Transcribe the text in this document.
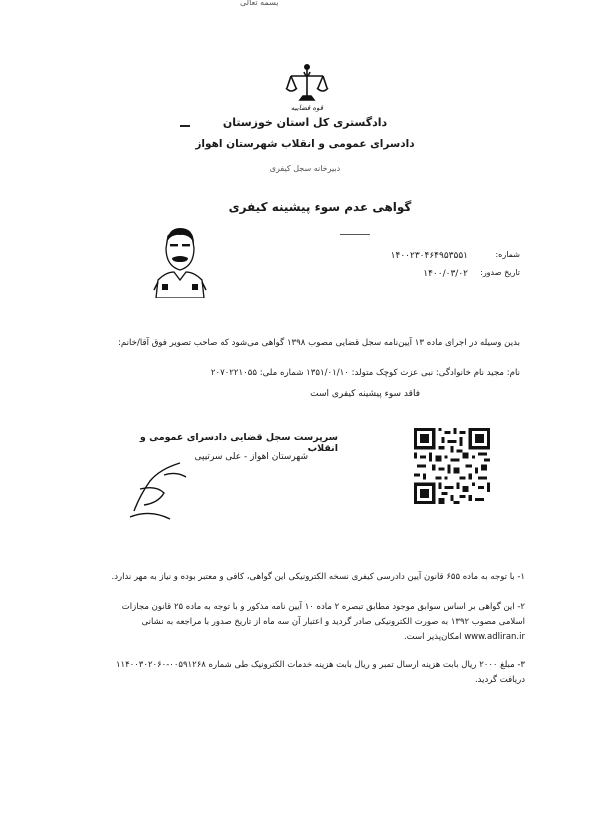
بسمه تعالی
قوه قضاییه
دادگستری کل استان خوزستان
دادسرای عمومی و انقلاب شهرستان اهواز
دبیرخانه سجل کیفری
گواهی عدم سوء پیشینه کیفری
شماره:
۱۴۰۰۲۳۰۴۶۴۹۵۳۵۵۱
تاریخ صدور:
۱۴۰۰/۰۳/۰۲
بدین وسیله در اجرای ماده ۱۳ آیین‌نامه سجل قضایی مصوب ۱۳۹۸ گواهی می‌شود که صاحب تصویر فوق آقا/خانم:
نام: مجید نام خانوادگی: نبی عزت کوچک متولد: ۱۳۵۱/۰۱/۱۰ شماره ملی: ۲۰۷۰۲۲۱۰۵۵
فاقد سوء پیشینه کیفری است
سرپرست سجل قضایی دادسرای عمومی و انقلاب
شهرستان اهواز - علی سرتیپی
۱- با توجه به ماده ۶۵۵ قانون آیین دادرسی کیفری نسخه الکترونیکی این گواهی، کافی و معتبر بوده و نیاز به مهر ندارد.
۲- این گواهی بر اساس سوابق موجود مطابق تبصره ۲ ماده ۱۰ آیین نامه مذکور و با توجه به ماده ۲۵ قانون مجازات اسلامی مصوب ۱۳۹۲ به صورت الکترونیکی صادر گردید و اعتبار آن سه ماه از تاریخ صدور با مراجعه به نشانی www.adliran.ir امکان‌پذیر است.
۳- مبلغ ۲۰۰۰ ریال بابت هزینه ارسال تمبر و ریال بابت هزینه خدمات الکترونیک طی شماره ۰۰۵۹۱۲۶۸-۱۱۴۰۰۳۰۲۰۶۰ دریافت گردید.
